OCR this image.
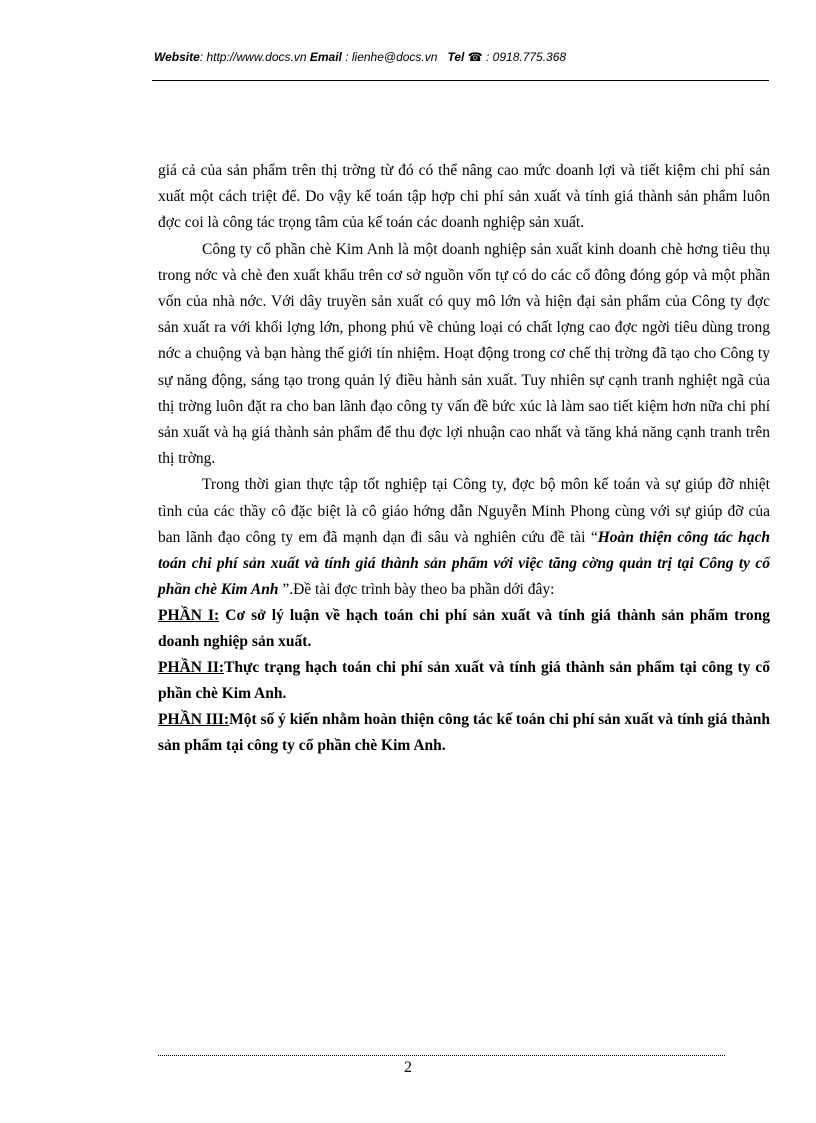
Website: http://www.docs.vn Email : lienhe@docs.vn Tel ☎ : 0918.775.368

giá cả của sản phẩm trên thị trờng từ đó có thể nâng cao mức doanh lợi và tiết kiệm chi phí sản xuất một cách triệt để. Do vậy kế toán tập hợp chi phí sản xuất và tính giá thành sản phẩm luôn đợc coi là công tác trọng tâm của kế toán các doanh nghiệp sản xuất.

Công ty cổ phần chè Kim Anh là một doanh nghiệp sản xuất kinh doanh chè hơng tiêu thụ trong nớc và chè đen xuất khẩu trên cơ sở nguồn vốn tự có do các cổ đông đóng góp và một phần vốn của nhà nớc. Với dây truyền sản xuất có quy mô lớn và hiện đại sản phẩm của Công ty đợc sản xuất ra với khối lợng lớn, phong phú về chủng loại có chất lợng cao đợc ngời tiêu dùng trong nớc a chuộng và bạn hàng thế giới tín nhiệm. Hoạt động trong cơ chế thị trờng đã tạo cho Công ty sự năng động, sáng tạo trong quản lý điều hành sản xuất. Tuy nhiên sự cạnh tranh nghiệt ngã của thị trờng luôn đặt ra cho ban lãnh đạo công ty vấn đề bức xúc là làm sao tiết kiệm hơn nữa chi phí sản xuất và hạ giá thành sản phẩm để thu đợc lợi nhuận cao nhất và tăng khả năng cạnh tranh trên thị trờng.

Trong thời gian thực tập tốt nghiệp tại Công ty, đợc bộ môn kế toán và sự giúp đỡ nhiệt tình của các thầy cô đặc biệt là cô giáo hớng dẫn Nguyễn Minh Phong cùng với sự giúp đỡ của ban lãnh đạo công ty em đã mạnh dạn đi sâu và nghiên cứu đề tài “Hoàn thiện công tác hạch toán chi phí sản xuất và tính giá thành sản phẩm với việc tăng cờng quản trị tại Công ty cổ phần chè Kim Anh ”.Đề tài đợc trình bày theo ba phần dới đây:

PHẦN I: Cơ sở lý luận về hạch toán chi phí sản xuất và tính giá thành sản phẩm trong doanh nghiệp sản xuất.

PHẦN II:Thực trạng hạch toán chi phí sản xuất và tính giá thành sản phẩm tại công ty cổ phần chè Kim Anh.

PHẦN III:Một số ý kiến nhằm hoàn thiện công tác kế toán chi phí sản xuất và tính giá thành sản phẩm tại công ty cổ phần chè Kim Anh.

2
